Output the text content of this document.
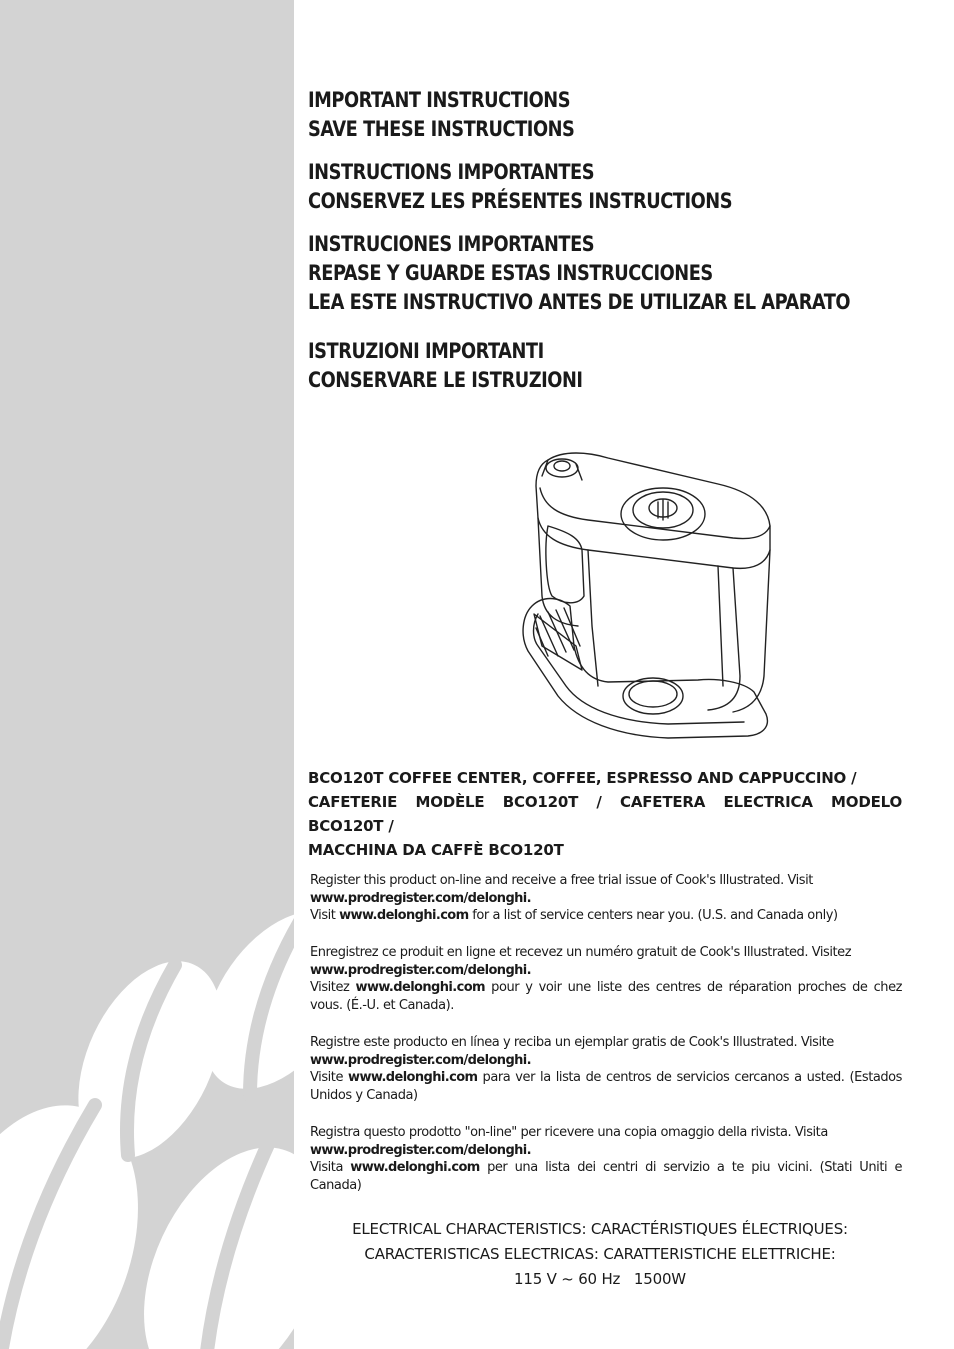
IMPORTANT INSTRUCTIONS
SAVE THESE INSTRUCTIONS
INSTRUCTIONS IMPORTANTES
CONSERVEZ LES PRÉSENTES INSTRUCTIONS
INSTRUCIONES IMPORTANTES
REPASE Y GUARDE ESTAS INSTRUCCIONES
LEA ESTE INSTRUCTIVO ANTES DE UTILIZAR EL APARATO
ISTRUZIONI IMPORTANTI
CONSERVARE LE ISTRUZIONI
BCO120T COFFEE CENTER, COFFEE, ESPRESSO AND CAPPUCCINO /
CAFETERIE MODÈLE BCO120T / CAFETERA ELECTRICA MODELO BCO120T /
MACCHINA DA CAFFÈ BCO120T

Register this product on-line and receive a free trial issue of Cook's Illustrated. Visit
www.prodregister.com/delonghi.

Visit www.delonghi.com for a list of service centers near you. (U.S. and Canada only)

Enregistrez ce produit en ligne et recevez un numéro gratuit de Cook's Illustrated. Visitez
www.prodregister.com/delonghi.

Visitez www.delonghi.com pour y voir une liste des centres de réparation proches de chez vous. (É.-U. et Canada).

Registre este producto en línea y reciba un ejemplar gratis de Cook's Illustrated. Visite
www.prodregister.com/delonghi.

Visite www.delonghi.com para ver la lista de centros de servicios cercanos a usted. (Estados Unidos y Canada)

Registra questo prodotto "on-line" per ricevere una copia omaggio della rivista. Visita
www.prodregister.com/delonghi.

Visita www.delonghi.com per una lista dei centri di servizio a te piu vicini. (Stati Uniti e Canada)

ELECTRICAL CHARACTERISTICS: CARACTÉRISTIQUES ÉLECTRIQUES:
CARACTERISTICAS ELECTRICAS: CARATTERISTICHE ELETTRICHE:
115 V ~ 60 Hz   1500W
